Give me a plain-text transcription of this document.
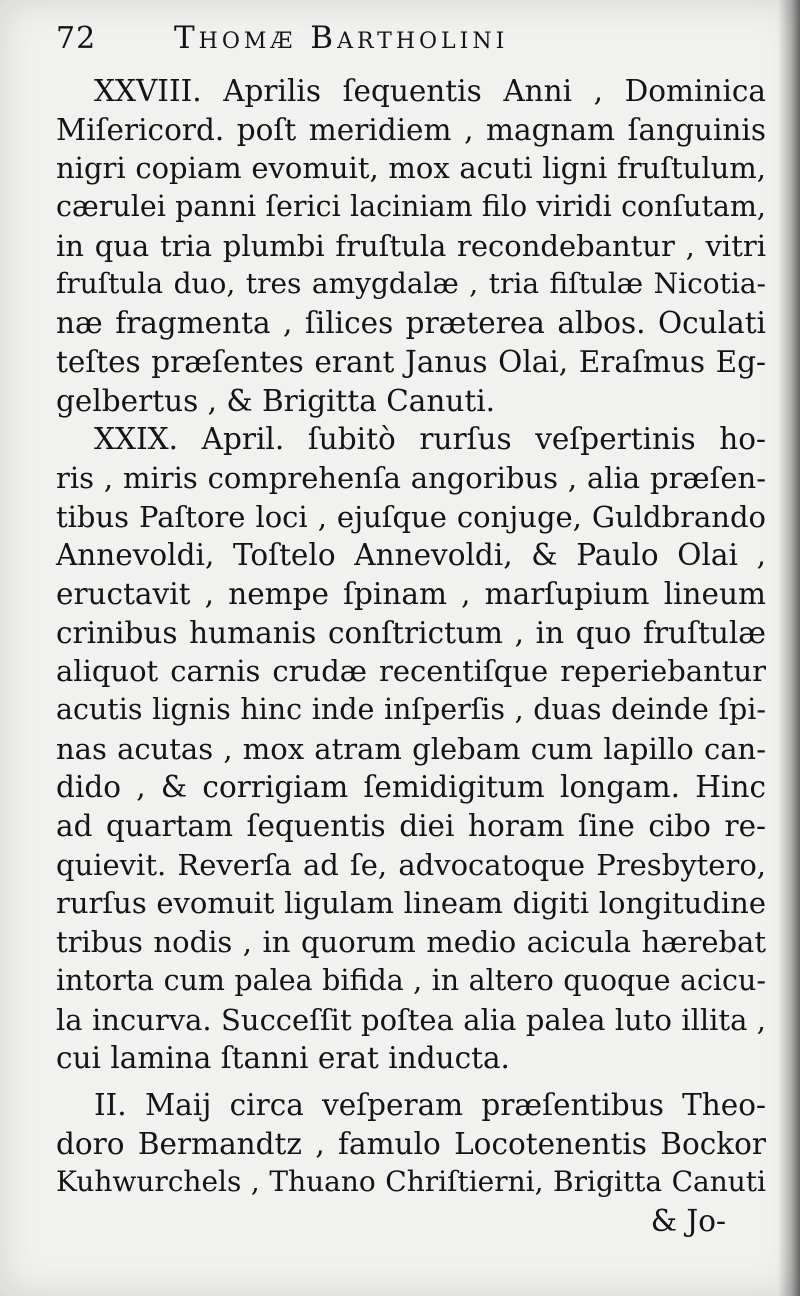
72	Thomæ Bartholini
XXVIII. Aprilis ſequentis Anni , Dominica
Miſericord. poſt meridiem , magnam ſanguinis
nigri copiam evomuit, mox acuti ligni fruſtulum,
cærulei panni ſerici laciniam filo viridi conſutam,
in qua tria plumbi fruſtula recondebantur , vitri
fruſtula duo, tres amygdalæ , tria fiſtulæ Nicotia-
næ fragmenta , ſilices præterea albos. Oculati
teſtes præſentes erant Janus Olai, Eraſmus Eg-
gelbertus , & Brigitta Canuti.
XXIX. April. ſubitò rurſus veſpertinis ho-
ris , miris comprehenſa angoribus , alia præſen-
tibus Paſtore loci , ejuſque conjuge, Guldbrando
Annevoldi, Toſtelo Annevoldi, & Paulo Olai ,
eructavit , nempe ſpinam , marſupium lineum
crinibus humanis conſtrictum , in quo fruſtulæ
aliquot carnis crudæ recentiſque reperiebantur
acutis lignis hinc inde inſperſis , duas deinde ſpi-
nas acutas , mox atram glebam cum lapillo can-
dido , & corrigiam ſemidigitum longam. Hinc
ad quartam ſequentis diei horam ſine cibo re-
quievit. Reverſa ad ſe, advocatoque Presbytero,
rurſus evomuit ligulam lineam digiti longitudine
tribus nodis , in quorum medio acicula hærebat
intorta cum palea bifida , in altero quoque acicu-
la incurva. Succeſſit poſtea alia palea luto illita ,
cui lamina ſtanni erat inducta.
II. Maij circa veſperam præſentibus Theo-
doro Bermandtz , famulo Locotenentis Bockor
Kuhwurchels , Thuano Chriſtierni, Brigitta Canuti
& Jo-
